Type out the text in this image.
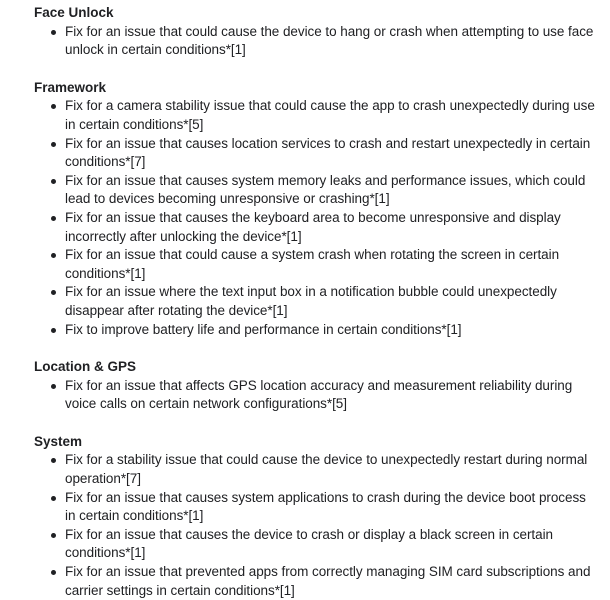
Face Unlock
Fix for an issue that could cause the device to hang or crash when attempting to use face unlock in certain conditions*[1]
Framework
Fix for a camera stability issue that could cause the app to crash unexpectedly during use in certain conditions*[5]
Fix for an issue that causes location services to crash and restart unexpectedly in certain conditions*[7]
Fix for an issue that causes system memory leaks and performance issues, which could lead to devices becoming unresponsive or crashing*[1]
Fix for an issue that causes the keyboard area to become unresponsive and display incorrectly after unlocking the device*[1]
Fix for an issue that could cause a system crash when rotating the screen in certain conditions*[1]
Fix for an issue where the text input box in a notification bubble could unexpectedly disappear after rotating the device*[1]
Fix to improve battery life and performance in certain conditions*[1]
Location & GPS
Fix for an issue that affects GPS location accuracy and measurement reliability during voice calls on certain network configurations*[5]
System
Fix for a stability issue that could cause the device to unexpectedly restart during normal operation*[7]
Fix for an issue that causes system applications to crash during the device boot process in certain conditions*[1]
Fix for an issue that causes the device to crash or display a black screen in certain conditions*[1]
Fix for an issue that prevented apps from correctly managing SIM card subscriptions and carrier settings in certain conditions*[1]
